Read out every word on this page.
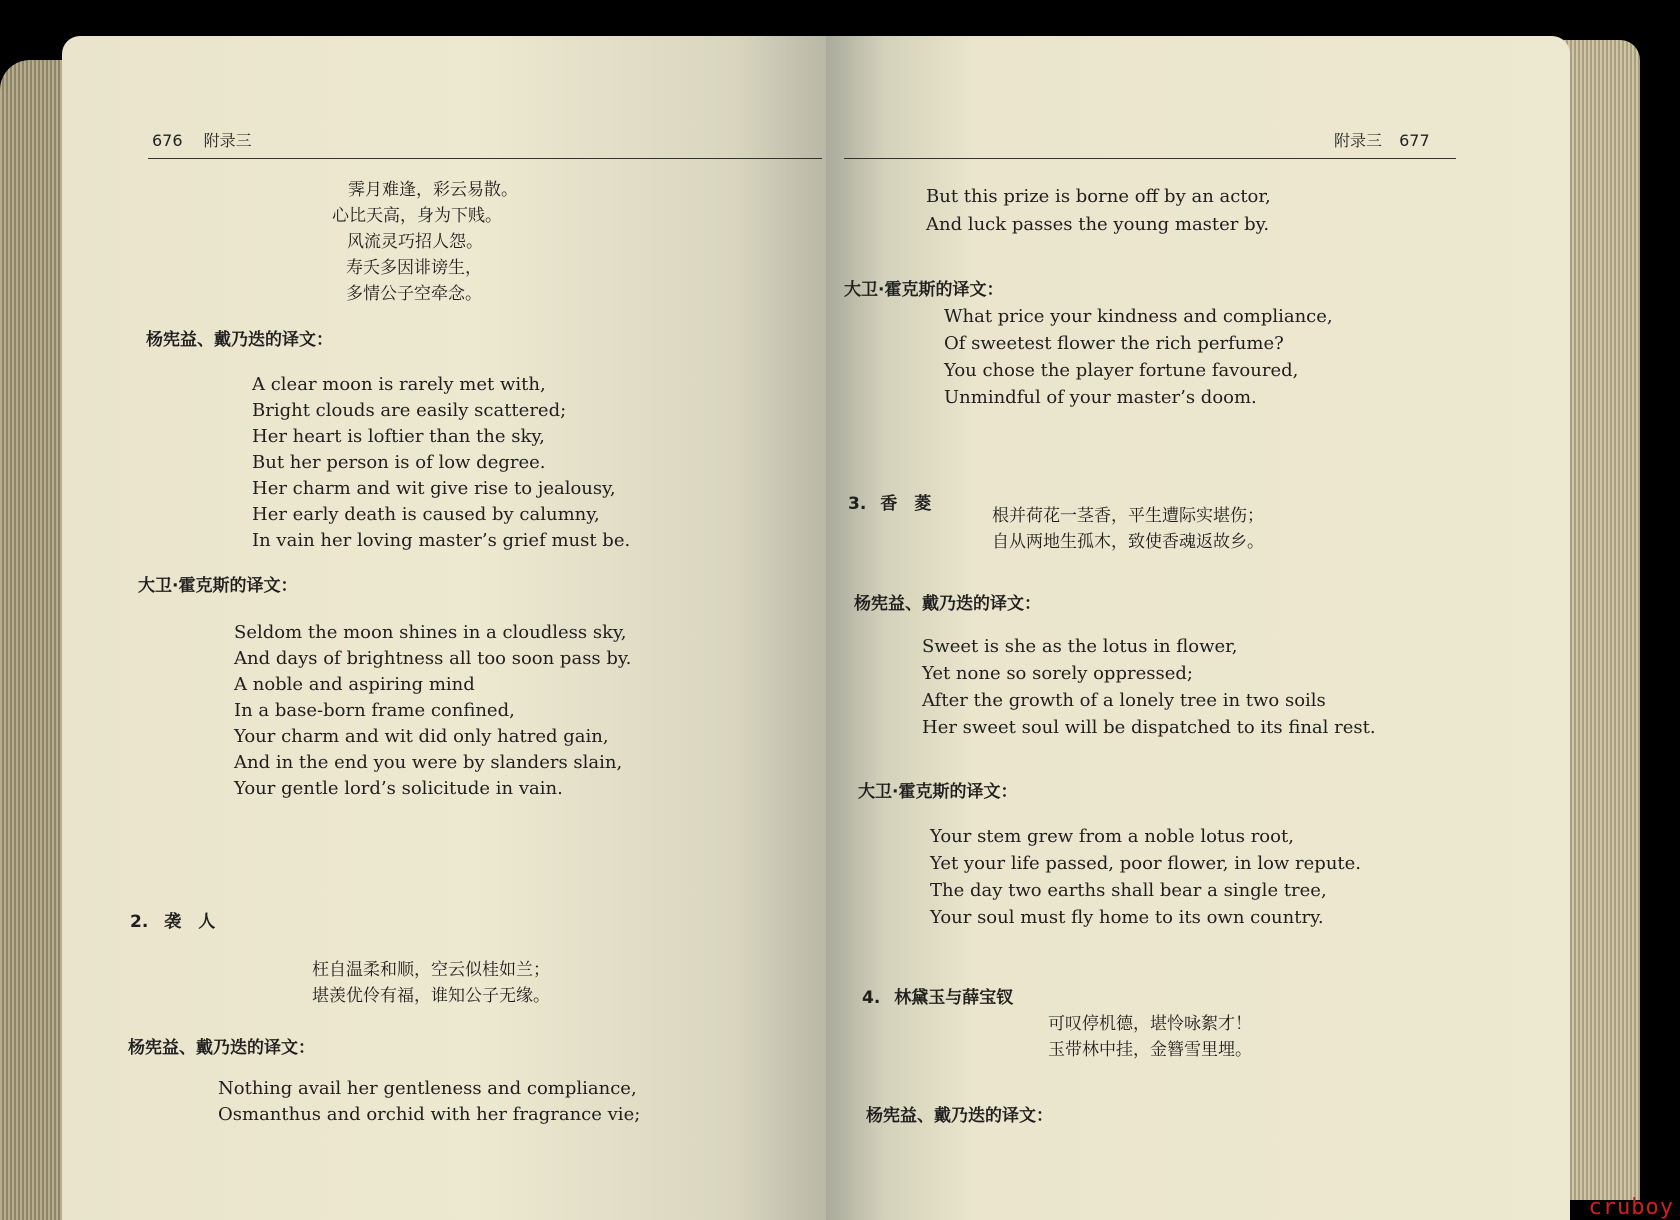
676 附录三
霁月难逢，彩云易散。
心比天高，身为下贱。
风流灵巧招人怨。
寿夭多因诽谤生，
多情公子空牵念。
杨宪益、戴乃迭的译文：
A clear moon is rarely met with,
Bright clouds are easily scattered;
Her heart is loftier than the sky,
But her person is of low degree.
Her charm and wit give rise to jealousy,
Her early death is caused by calumny,
In vain her loving master’s grief must be.
大卫·霍克斯的译文：
Seldom the moon shines in a cloudless sky,
And days of brightness all too soon pass by.
A noble and aspiring mind
In a base-born frame confined,
Your charm and wit did only hatred gain,
And in the end you were by slanders slain,
Your gentle lord’s solicitude in vain.
2. 袭　人
枉自温柔和顺，空云似桂如兰；
堪羡优伶有福，谁知公子无缘。
杨宪益、戴乃迭的译文：
Nothing avail her gentleness and compliance,
Osmanthus and orchid with her fragrance vie;
附录三 677
But this prize is borne off by an actor,
And luck passes the young master by.
大卫·霍克斯的译文：
What price your kindness and compliance,
Of sweetest flower the rich perfume?
You chose the player fortune favoured,
Unmindful of your master’s doom.
3. 香　菱
根并荷花一茎香，平生遭际实堪伤；
自从两地生孤木，致使香魂返故乡。
杨宪益、戴乃迭的译文：
Sweet is she as the lotus in flower,
Yet none so sorely oppressed;
After the growth of a lonely tree in two soils
Her sweet soul will be dispatched to its final rest.
大卫·霍克斯的译文：
Your stem grew from a noble lotus root,
Yet your life passed, poor flower, in low repute.
The day two earths shall bear a single tree,
Your soul must fly home to its own country.
4. 林黛玉与薛宝钗
可叹停机德，堪怜咏絮才！
玉带林中挂，金簪雪里埋。
杨宪益、戴乃迭的译文：
cruboy
